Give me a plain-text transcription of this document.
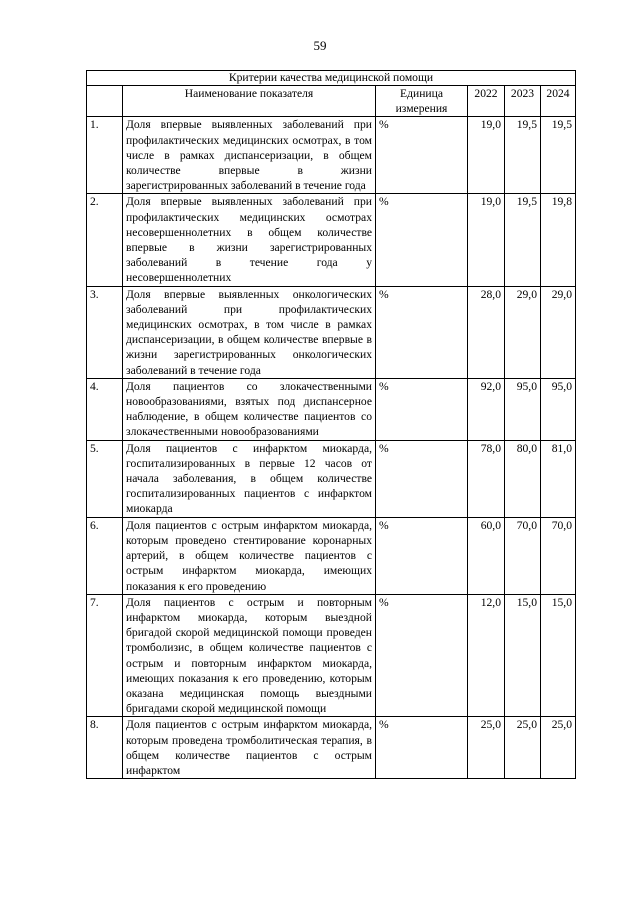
59
Критерии качества медицинской помощи					
	Наименование показателя	Единица измерения	2022	2023	2024
1.	Доля впервые выявленных заболеваний при профилактических медицинских осмотрах, в том числе в рамках диспансеризации, в общем количестве впервые в жизни зарегистрированных заболеваний в течение года	%	19,0	19,5	19,5
2.	Доля впервые выявленных заболеваний при профилактических медицинских осмотрах несовершеннолетних в общем количестве впервые в жизни зарегистрированных заболеваний в течение года у несовершеннолетних	%	19,0	19,5	19,8
3.	Доля впервые выявленных онкологических заболеваний при профилактических медицинских осмотрах, в том числе в рамках диспансеризации, в общем количестве впервые в жизни зарегистрированных онкологических заболеваний в течение года	%	28,0	29,0	29,0
4.	Доля пациентов со злокачественными новообразованиями, взятых под диспансерное наблюдение, в общем количестве пациентов со злокачественными новообразованиями	%	92,0	95,0	95,0
5.	Доля пациентов с инфарктом миокарда, госпитализированных в первые 12 часов от начала заболевания, в общем количестве госпитализированных пациентов с инфарктом миокарда	%	78,0	80,0	81,0
6.	Доля пациентов с острым инфарктом миокарда, которым проведено стентирование коронарных артерий, в общем количестве пациентов с острым инфарктом миокарда, имеющих показания к его проведению	%	60,0	70,0	70,0
7.	Доля пациентов с острым и повторным инфарктом миокарда, которым выездной бригадой скорой медицинской помощи проведен тромболизис, в общем количестве пациентов с острым и повторным инфарктом миокарда, имеющих показания к его проведению, которым оказана медицинская помощь выездными бригадами скорой медицинской помощи	%	12,0	15,0	15,0
8.	Доля пациентов с острым инфарктом миокарда, которым проведена тромболитическая терапия, в общем количестве пациентов с острым инфарктом	%	25,0	25,0	25,0
